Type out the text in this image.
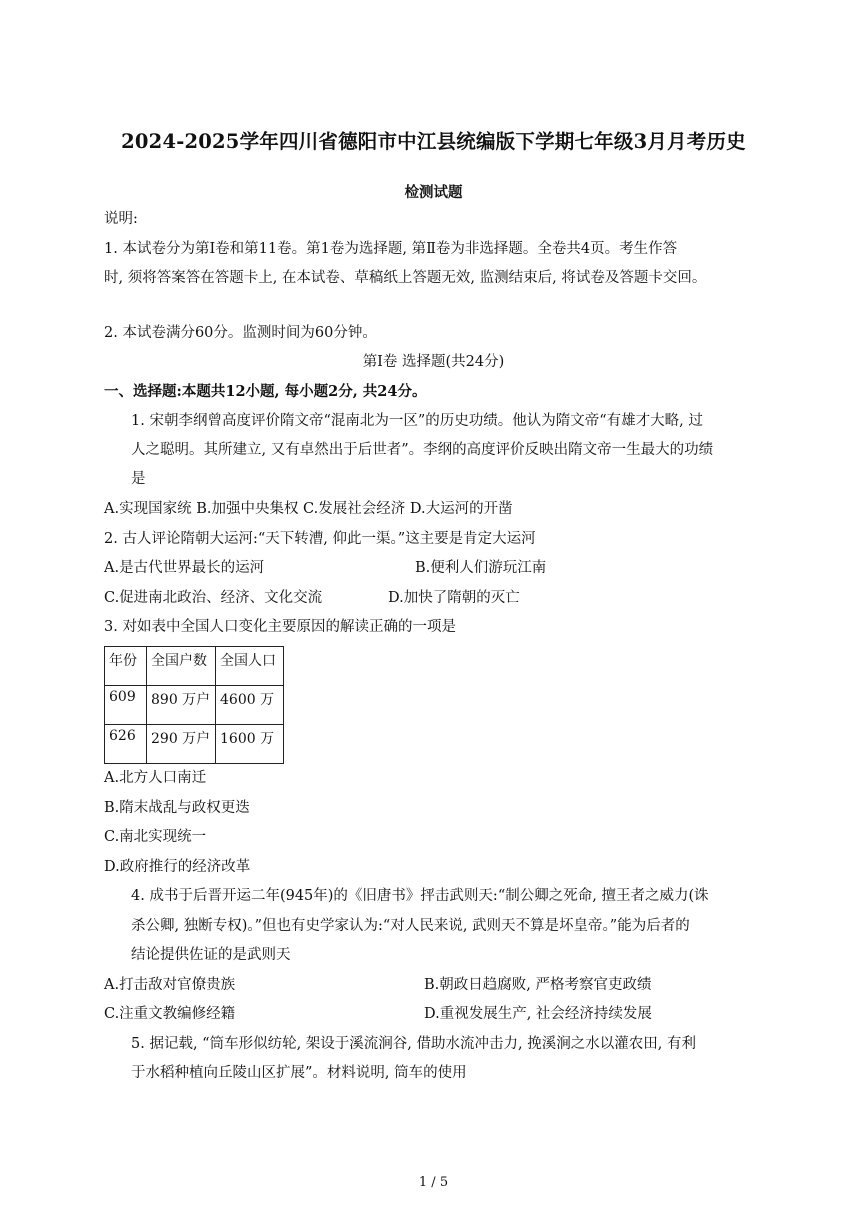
2024-2025学年四川省德阳市中江县统编版下学期七年级3月月考历史
检测试题
说明:
1. 本试卷分为第Ⅰ卷和第11卷。第1卷为选择题, 第Ⅱ卷为非选择题。全卷共4页。考生作答
时, 须将答案答在答题卡上, 在本试卷、草稿纸上答题无效, 监测结束后, 将试卷及答题卡交回。
2. 本试卷满分60分。监测时间为60分钟。
第Ⅰ卷 选择题(共24分)
一、选择题:本题共12小题, 每小题2分, 共24分。
1. 宋朝李纲曾高度评价隋文帝“混南北为一区”的历史功绩。他认为隋文帝“有雄才大略, 过
人之聪明。其所建立, 又有卓然出于后世者”。李纲的高度评价反映出隋文帝一生最大的功绩
是
A.实现国家统 B.加强中央集权 C.发展社会经济 D.大运河的开凿
2. 古人评论隋朝大运河:“天下转漕, 仰此一渠。”这主要是肯定大运河
A.是古代世界最长的运河	B.便利人们游玩江南
C.促进南北政治、经济、文化交流	D.加快了隋朝的灭亡
3. 对如表中全国人口变化主要原因的解读正确的一项是
年份	全国户数	全国人口
609	890 万户	4600 万
626	290 万户	1600 万
A.北方人口南迁
B.隋末战乱与政权更迭
C.南北实现统一
D.政府推行的经济改革
4. 成书于后晋开运二年(945年)的《旧唐书》抨击武则天:“制公卿之死命, 擅王者之威力(诛
杀公卿, 独断专权)。”但也有史学家认为:“对人民来说, 武则天不算是坏皇帝。”能为后者的
结论提供佐证的是武则天
A.打击敌对官僚贵族	B.朝政日趋腐败, 严格考察官吏政绩
C.注重文教编修经籍	D.重视发展生产, 社会经济持续发展
5. 据记载, “筒车形似纺轮, 架设于溪流涧谷, 借助水流冲击力, 挽溪涧之水以灌农田, 有利
于水稻种植向丘陵山区扩展”。材料说明, 筒车的使用
1 / 5
